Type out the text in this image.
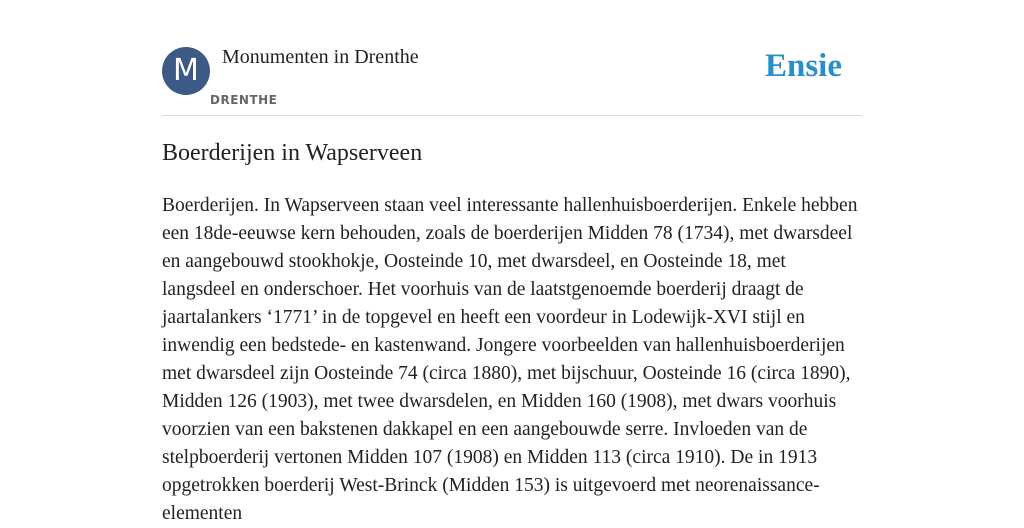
M	Monumenten in Drenthe
DRENTHE
Ensie
Boerderijen in Wapserveen

Boerderijen. In Wapserveen staan veel interessante hallenhuisboerderijen. Enkele hebben een 18de-eeuwse kern behouden, zoals de boerderijen Midden 78 (1734), met dwarsdeel en aangebouwd stookhokje, Oosteinde 10, met dwarsdeel, en Oosteinde 18, met langsdeel en onderschoer. Het voorhuis van de laatstgenoemde boerderij draagt de jaartalankers ‘1771’ in de topgevel en heeft een voordeur in Lodewijk-XVI stijl en inwendig een bedstede- en kastenwand. Jongere voorbeelden van hallenhuisboerderijen met dwarsdeel zijn Oosteinde 74 (circa 1880), met bijschuur, Oosteinde 16 (circa 1890), Midden 126 (1903), met twee dwarsdelen, en Midden 160 (1908), met dwars voorhuis voorzien van een bakstenen dakkapel en een aangebouwde serre. Invloeden van de stelpboerderij vertonen Midden 107 (1908) en Midden 113 (circa 1910). De in 1913 opgetrokken boerderij West-Brinck (Midden 153) is uitgevoerd met neorenaissance-elementen
